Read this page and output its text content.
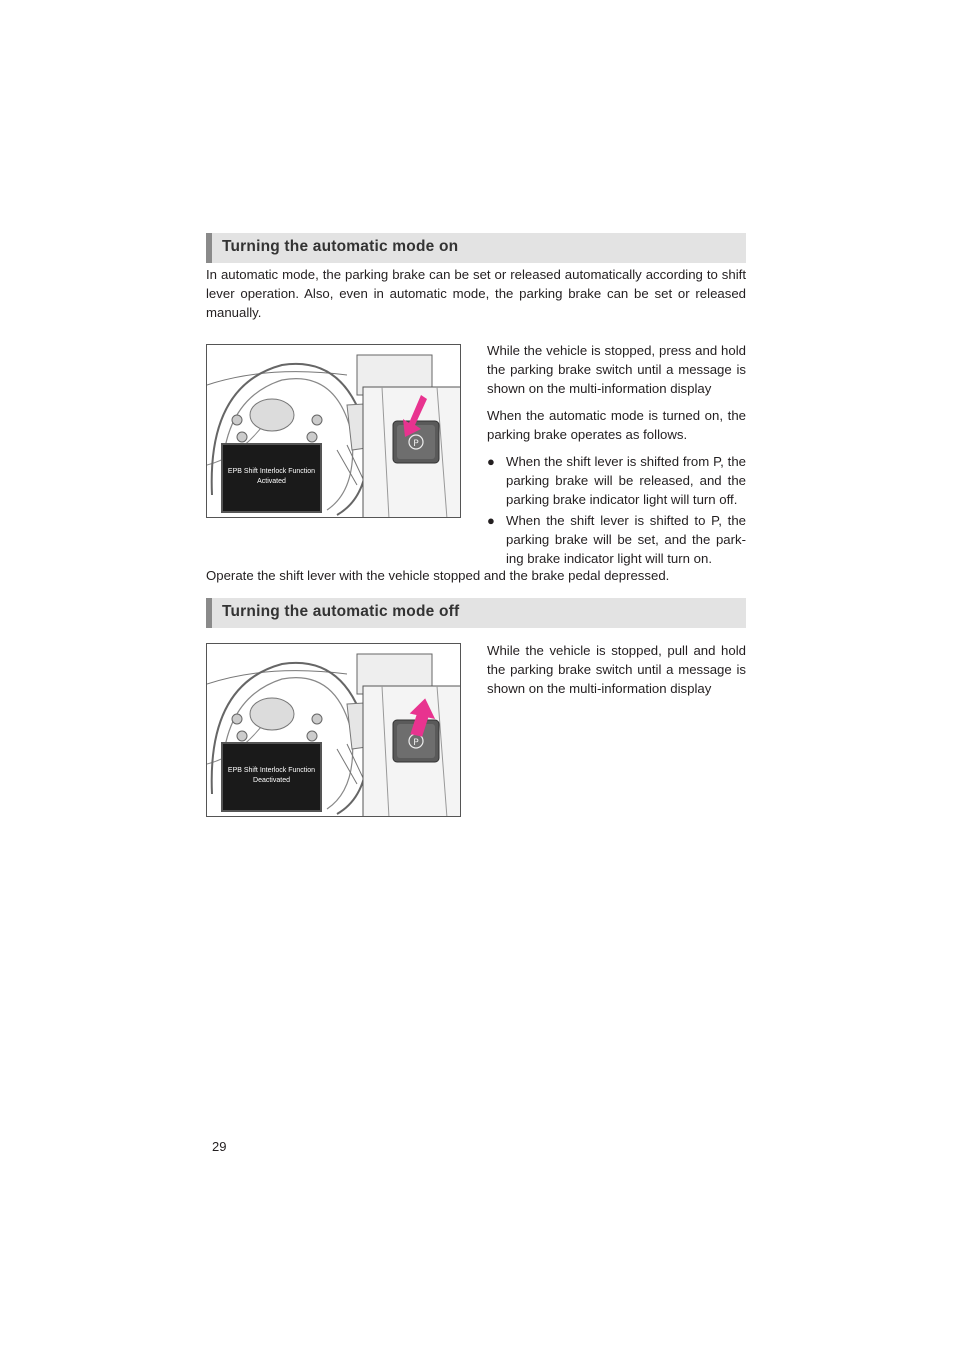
Turning the automatic mode on

In automatic mode, the parking brake can be set or released automatically according to shift lever operation. Also, even in automatic mode, the parking brake can be set or released manually.

P
EPB Shift Interlock Function
Activated

While the vehicle is stopped, press and hold the parking brake switch until a message is shown on the multi-information display

When the automatic mode is turned on, the parking brake operates as follows.

● When the shift lever is shifted from P, the parking brake will be released, and the parking brake indicator light will turn off.
● When the shift lever is shifted to P, the parking brake will be set, and the park-ing brake indicator light will turn on.

Operate the shift lever with the vehicle stopped and the brake pedal depressed.

Turning the automatic mode off
P
EPB Shift Interlock Function
Deactivated

While the vehicle is stopped, pull and hold the parking brake switch until a message is shown on the multi-information display

29
